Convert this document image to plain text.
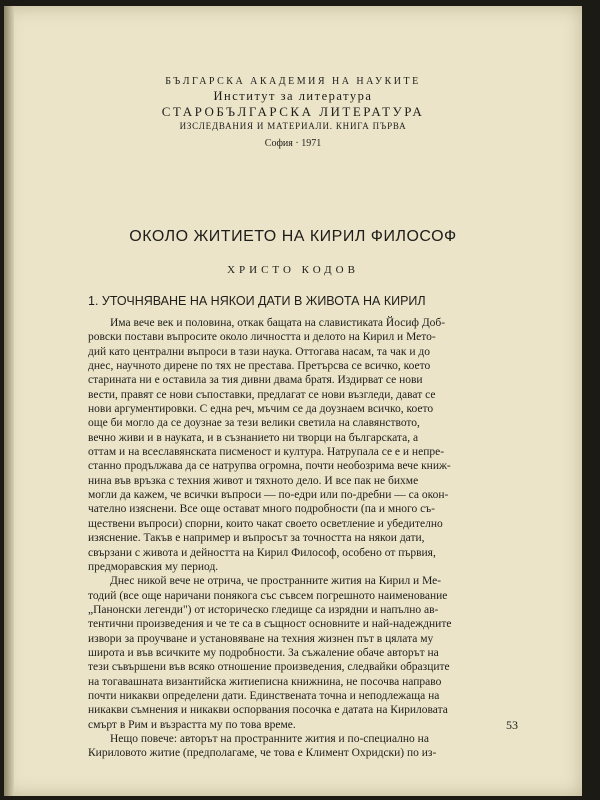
БЪЛГАРСКА АКАДЕМИЯ НА НАУКИТЕ
Институт за литература
СТАРОБЪЛГАРСКА ЛИТЕРАТУРА
ИЗСЛЕДВАНИЯ И МАТЕРИАЛИ. КНИГА ПЪРВА
София · 1971
ОКОЛО ЖИТИЕТО НА КИРИЛ ФИЛОСОФ
ХРИСТО КОДОВ
1. УТОЧНЯВАНЕ НА НЯКОИ ДАТИ В ЖИВОТА НА КИРИЛ

Има вече век и половина, откак бащата на славистиката Йосиф Доб-

ровски постави въпросите около личността и делото на Кирил и Мето-

дий като централни въпроси в тази наука. Оттогава насам, та чак и до

днес, научното дирене по тях не престава. Претърсва се всичко, което

старината ни е оставила за тия дивни двама братя. Издирват се нови

вести, правят се нови съпоставки, предлагат се нови възгледи, дават се

нови аргументировки. С една реч, мъчим се да доузнаем всичко, което

още би могло да се доузнае за тези велики светила на славянството,

вечно живи и в науката, и в съзнанието ни творци на българската, а

оттам и на всеславянската писменост и култура. Натрупала се е и непре-

станно продължава да се натрупва огромна, почти необозрима вече книж-

нина във връзка с техния живот и тяхното дело. И все пак не бихме

могли да кажем, че всички въпроси — по-едри или по-дребни — са окон-

чателно изяснени. Все още остават много подробности (па и много съ-

ществени въпроси) спорни, които чакат своето осветление и убедително

изяснение. Такъв е например и въпросът за точността на някои дати,

свързани с живота и дейността на Кирил Философ, особено от първия,

предморавския му период.

Днес никой вече не отрича, че пространните жития на Кирил и Ме-

тодий (все още наричани понякога със съвсем погрешното наименование

„Панонски легенди") от историческо гледище са изрядни и напълно ав-

тентични произведения и че те са в същност основните и най-надеждните

извори за проучване и установяване на техния жизнен път в цялата му

широта и във всичките му подробности. За съжаление обаче авторът на

тези съвършени във всяко отношение произведения, следвайки образците

на тогавашната византийска житиеписна книжнина, не посочва направо

почти никакви определени дати. Единствената точна и неподлежаща на

никакви съмнения и никакви оспорвания посочка е датата на Кириловата

смърт в Рим и възрастта му по това време.

Нещо повече: авторът на пространните жития и по-специално на

Кириловото житие (предполагаме, че това е Климент Охридски) по из-

53
